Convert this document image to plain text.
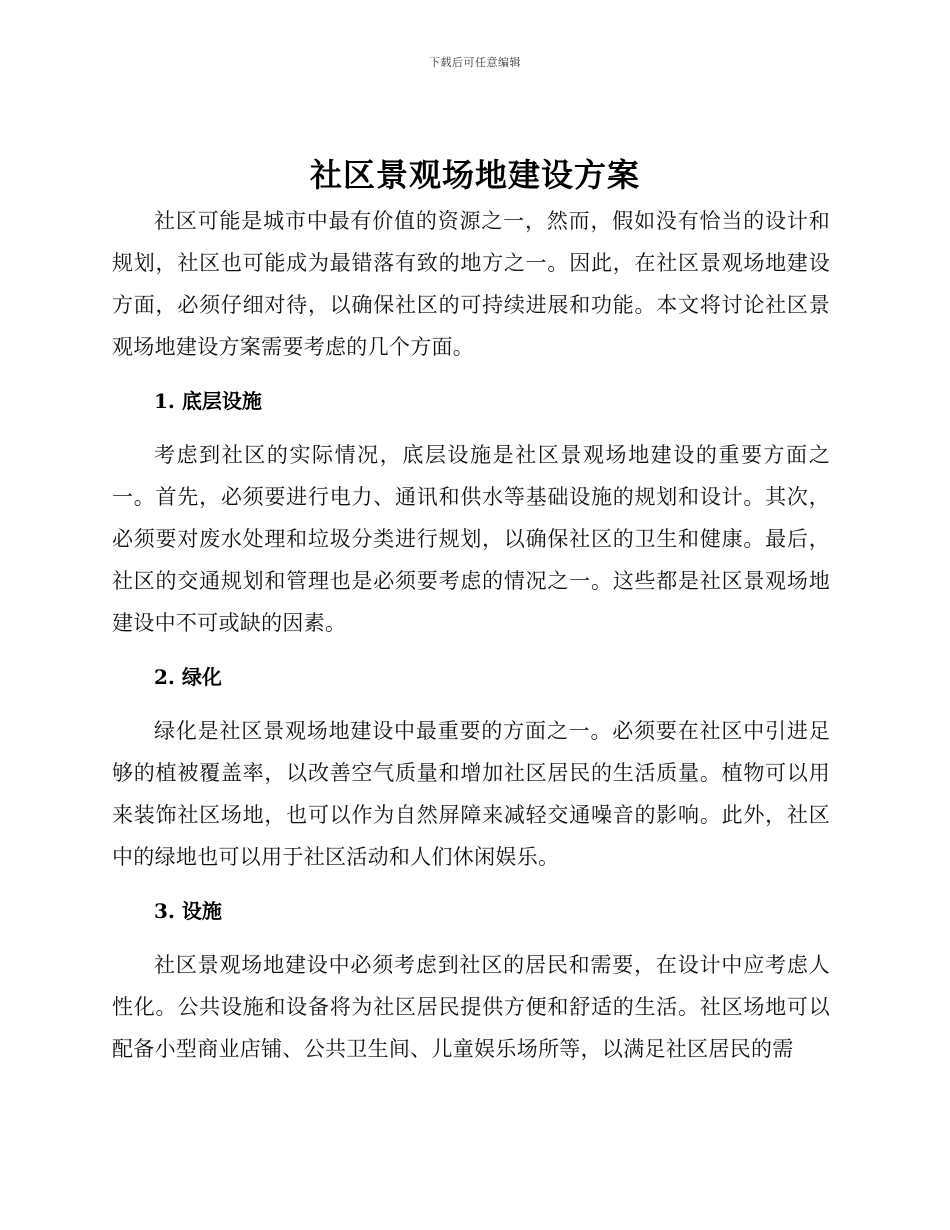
下载后可任意编辑
社区景观场地建设方案

社区可能是城市中最有价值的资源之一，然而，假如没有恰当的设计和规划，社区也可能成为最错落有致的地方之一。因此，在社区景观场地建设方面，必须仔细对待，以确保社区的可持续进展和功能。本文将讨论社区景观场地建设方案需要考虑的几个方面。

1. 底层设施

考虑到社区的实际情况，底层设施是社区景观场地建设的重要方面之一。首先，必须要进行电力、通讯和供水等基础设施的规划和设计。其次，必须要对废水处理和垃圾分类进行规划，以确保社区的卫生和健康。最后，社区的交通规划和管理也是必须要考虑的情况之一。这些都是社区景观场地建设中不可或缺的因素。

2. 绿化

绿化是社区景观场地建设中最重要的方面之一。必须要在社区中引进足够的植被覆盖率，以改善空气质量和增加社区居民的生活质量。植物可以用来装饰社区场地，也可以作为自然屏障来减轻交通噪音的影响。此外，社区中的绿地也可以用于社区活动和人们休闲娱乐。

3. 设施

社区景观场地建设中必须考虑到社区的居民和需要，在设计中应考虑人性化。公共设施和设备将为社区居民提供方便和舒适的生活。社区场地可以配备小型商业店铺、公共卫生间、儿童娱乐场所等，以满足社区居民的需
